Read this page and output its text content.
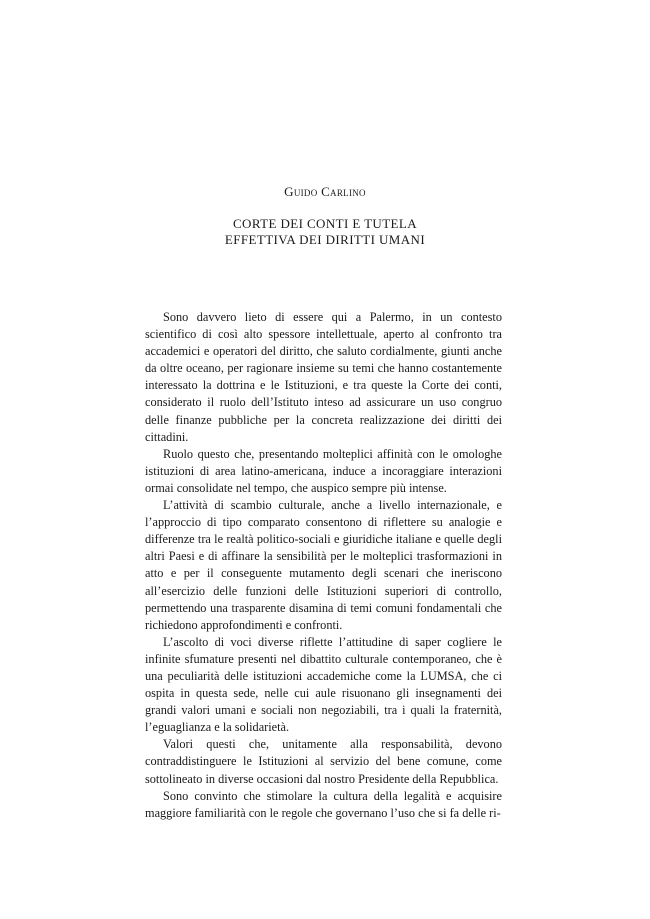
Guido Carlino
CORTE DEI CONTI E TUTELA
EFFETTIVA DEI DIRITTI UMANI

Sono davvero lieto di essere qui a Palermo, in un contesto scientifico di così alto spessore intellettuale, aperto al confronto tra accademici e operatori del diritto, che saluto cordialmente, giunti anche da oltre oceano, per ragionare insieme su temi che hanno costantemente interessato la dottrina e le Istituzioni, e tra queste la Corte dei conti, considerato il ruolo dell’Istituto inteso ad assicurare un uso congruo delle finanze pubbliche per la concreta realizzazione dei diritti dei cittadini.

Ruolo questo che, presentando molteplici affinità con le omologhe istituzioni di area latino-americana, induce a incoraggiare interazioni ormai consolidate nel tempo, che auspico sempre più intense.

L’attività di scambio culturale, anche a livello internazionale, e l’approccio di tipo comparato consentono di riflettere su analogie e differenze tra le realtà politico-sociali e giuridiche italiane e quelle degli altri Paesi e di affinare la sensibilità per le molteplici trasformazioni in atto e per il conseguente mutamento degli scenari che ineriscono all’esercizio delle funzioni delle Istituzioni superiori di controllo, permettendo una trasparente disamina di temi comuni fondamentali che richiedono approfondimenti e confronti.

L’ascolto di voci diverse riflette l’attitudine di saper cogliere le infinite sfumature presenti nel dibattito culturale contemporaneo, che è una peculiarità delle istituzioni accademiche come la LUMSA, che ci ospita in questa sede, nelle cui aule risuonano gli insegnamenti dei grandi valori umani e sociali non negoziabili, tra i quali la fraternità, l’eguaglianza e la solidarietà.

Valori questi che, unitamente alla responsabilità, devono contraddistinguere le Istituzioni al servizio del bene comune, come sottolineato in diverse occasioni dal nostro Presidente della Repubblica.

Sono convinto che stimolare la cultura della legalità e acquisire maggiore familiarità con le regole che governano l’uso che si fa delle ri-
